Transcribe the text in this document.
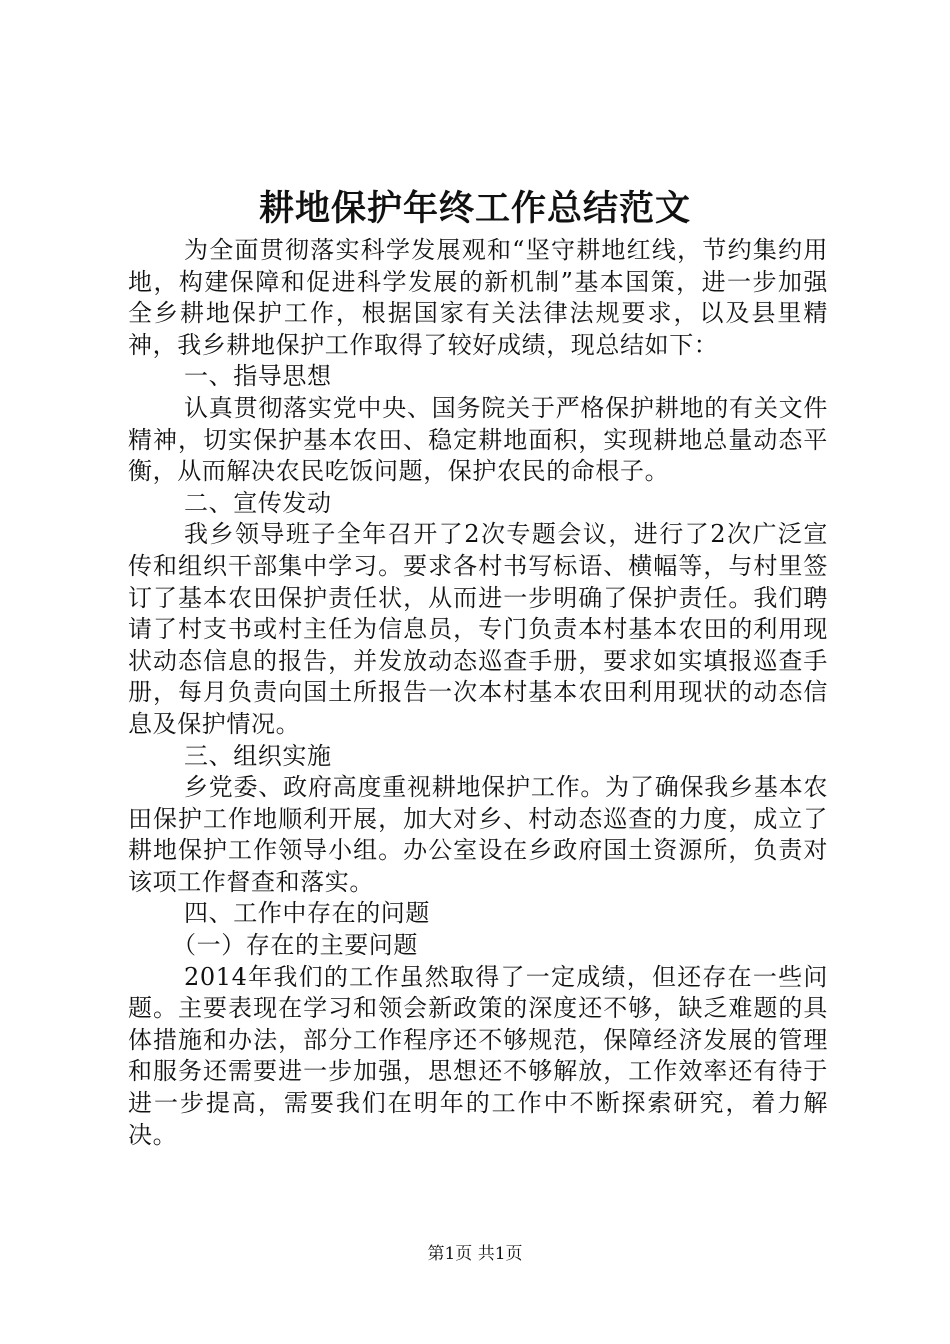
耕地保护年终工作总结范文

为全面贯彻落实科学发展观和“坚守耕地红线，节约集约用地，构建保障和促进科学发展的新机制”基本国策，进一步加强全乡耕地保护工作，根据国家有关法律法规要求，以及县里精神，我乡耕地保护工作取得了较好成绩，现总结如下：

一、指导思想

认真贯彻落实党中央、国务院关于严格保护耕地的有关文件精神，切实保护基本农田、稳定耕地面积，实现耕地总量动态平衡，从而解决农民吃饭问题，保护农民的命根子。

二、宣传发动

我乡领导班子全年召开了2次专题会议，进行了2次广泛宣传和组织干部集中学习。要求各村书写标语、横幅等，与村里签订了基本农田保护责任状，从而进一步明确了保护责任。我们聘请了村支书或村主任为信息员，专门负责本村基本农田的利用现状动态信息的报告，并发放动态巡查手册，要求如实填报巡查手册，每月负责向国土所报告一次本村基本农田利用现状的动态信息及保护情况。

三、组织实施

乡党委、政府高度重视耕地保护工作。为了确保我乡基本农田保护工作地顺利开展，加大对乡、村动态巡查的力度，成立了耕地保护工作领导小组。办公室设在乡政府国土资源所，负责对该项工作督查和落实。

四、工作中存在的问题

（一）存在的主要问题

2014年我们的工作虽然取得了一定成绩，但还存在一些问题。主要表现在学习和领会新政策的深度还不够，缺乏难题的具体措施和办法，部分工作程序还不够规范，保障经济发展的管理和服务还需要进一步加强，思想还不够解放，工作效率还有待于进一步提高，需要我们在明年的工作中不断探索研究，着力解决。

第1页 共1页
